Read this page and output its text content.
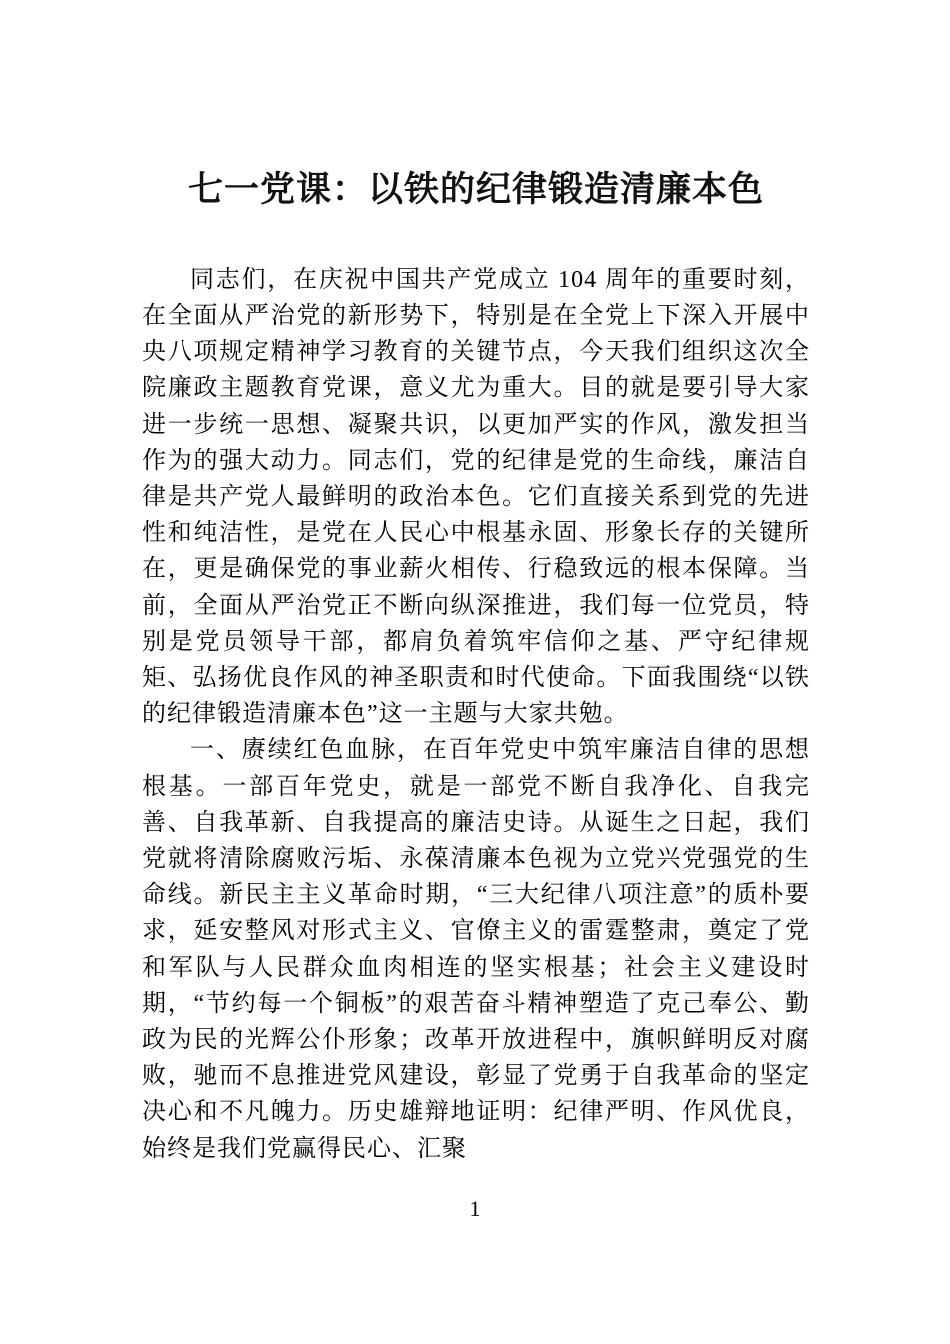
七一党课：以铁的纪律锻造清廉本色

同志们，在庆祝中国共产党成立 104 周年的重要时刻，在全面从严治党的新形势下，特别是在全党上下深入开展中央八项规定精神学习教育的关键节点，今天我们组织这次全院廉政主题教育党课，意义尤为重大。目的就是要引导大家进一步统一思想、凝聚共识，以更加严实的作风，激发担当作为的强大动力。同志们，党的纪律是党的生命线，廉洁自律是共产党人最鲜明的政治本色。它们直接关系到党的先进性和纯洁性，是党在人民心中根基永固、形象长存的关键所在，更是确保党的事业薪火相传、行稳致远的根本保障。当前，全面从严治党正不断向纵深推进，我们每一位党员，特别是党员领导干部，都肩负着筑牢信仰之基、严守纪律规矩、弘扬优良作风的神圣职责和时代使命。下面我围绕“以铁的纪律锻造清廉本色”这一主题与大家共勉。

一、赓续红色血脉，在百年党史中筑牢廉洁自律的思想根基。一部百年党史，就是一部党不断自我净化、自我完善、自我革新、自我提高的廉洁史诗。从诞生之日起，我们党就将清除腐败污垢、永葆清廉本色视为立党兴党强党的生命线。新民主主义革命时期，“三大纪律八项注意”的质朴要求，延安整风对形式主义、官僚主义的雷霆整肃，奠定了党和军队与人民群众血肉相连的坚实根基；社会主义建设时期，“节约每一个铜板”的艰苦奋斗精神塑造了克己奉公、勤政为民的光辉公仆形象；改革开放进程中，旗帜鲜明反对腐败，驰而不息推进党风建设，彰显了党勇于自我革命的坚定决心和不凡魄力。历史雄辩地证明：纪律严明、作风优良，始终是我们党赢得民心、汇聚

1
